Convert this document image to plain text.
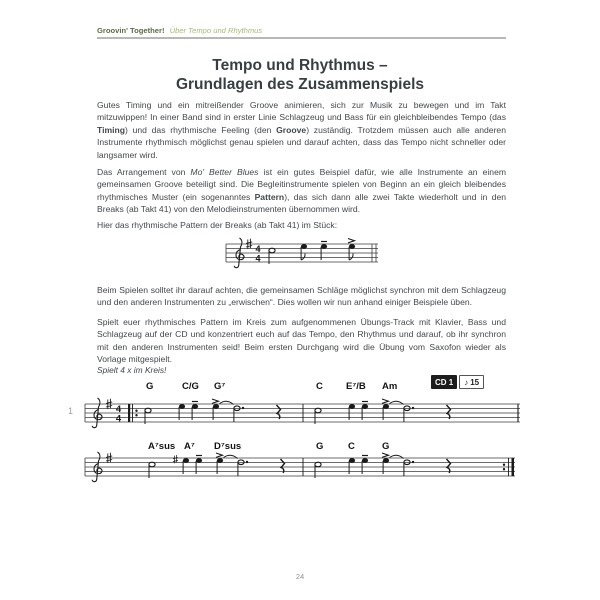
Groovin' Together! Über Tempo und Rhythmus
Tempo und Rhythmus –
Grundlagen des Zusammenspiels
Gutes Timing und ein mitreißender Groove animieren, sich zur Musik zu bewegen und im Takt mitzuwippen! In einer Band sind in erster Linie Schlagzeug und Bass für ein gleichbleibendes Tempo (das Timing) und das rhythmische Feeling (den Groove) zuständig. Trotzdem müssen auch alle anderen Instrumente rhythmisch möglichst genau spielen und darauf achten, dass das Tempo nicht schneller oder langsamer wird.
Das Arrangement von Mo' Better Blues ist ein gutes Beispiel dafür, wie alle Instrumente an einem gemeinsamen Groove beteiligt sind. Die Begleitinstrumente spielen von Beginn an ein gleich bleibendes rhythmisches Muster (ein sogenanntes Pattern), das sich dann alle zwei Takte wiederholt und in den Breaks (ab Takt 41) von den Melodieinstrumenten übernommen wird.
Hier das rhythmische Pattern der Breaks (ab Takt 41) im Stück:
4
4
Beim Spielen solltet ihr darauf achten, die gemeinsamen Schläge möglichst synchron mit dem Schlagzeug und den anderen Instrumenten zu „erwischen“. Dies wollen wir nun anhand einiger Beispiele üben.
Spielt euer rhythmisches Pattern im Kreis zum aufgenommenen Übungs-Track mit Klavier, Bass und Schlagzeug auf der CD und konzentriert euch auf das Tempo, den Rhythmus und darauf, ob ihr synchron mit den anderen Instrumenten seid! Beim ersten Durchgang wird die Übung vom Saxofon wieder als Vorlage mitgespielt.
Spielt 4 x im Kreis!
CD 1	♪ 15
G	C/G G⁷	C E⁷/B Am
1	4
4
A⁷sus A⁷ D⁷sus	G	C	G
24
